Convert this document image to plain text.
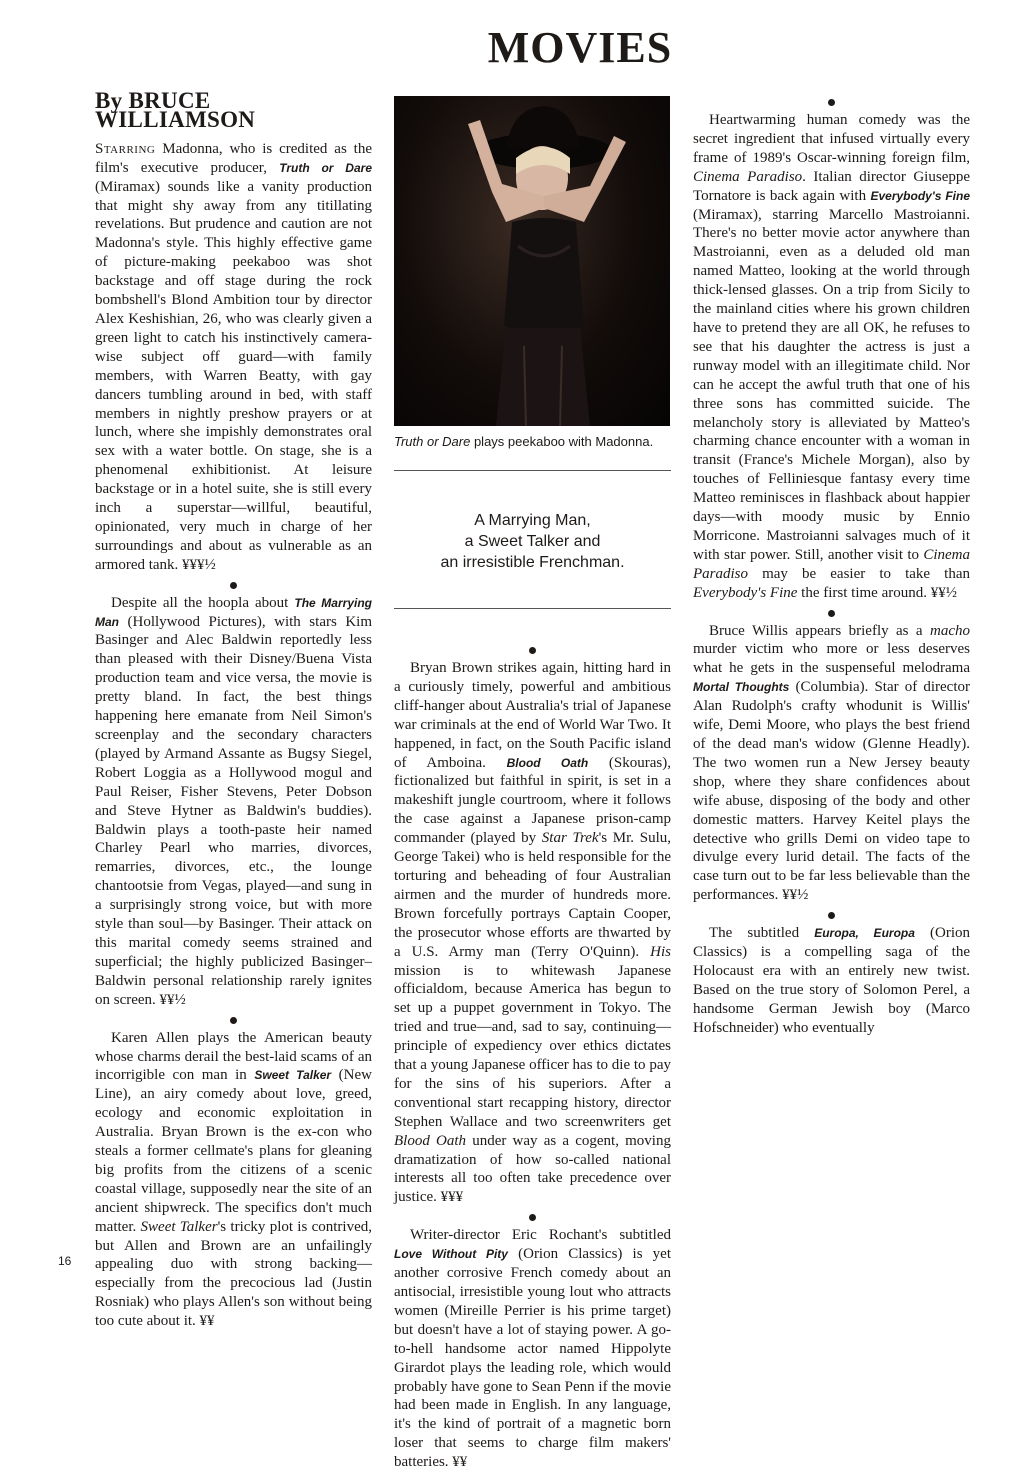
MOVIES
By BRUCE WILLIAMSON

Starring Madonna, who is credited as the film's executive producer, Truth or Dare (Miramax) sounds like a vanity production that might shy away from any titillating revelations. But prudence and caution are not Madonna's style. This highly effective game of picture-making peekaboo was shot backstage and off stage during the rock bombshell's Blond Ambition tour by director Alex Keshishian, 26, who was clearly given a green light to catch his instinctively camera-wise subject off guard—with family members, with Warren Beatty, with gay dancers tumbling around in bed, with staff members in nightly preshow prayers or at lunch, where she impishly demonstrates oral sex with a water bottle. On stage, she is a phenomenal exhibitionist. At leisure backstage or in a hotel suite, she is still every inch a superstar—willful, beautiful, opinionated, very much in charge of her surroundings and about as vulnerable as an armored tank. ¥¥¥½

Despite all the hoopla about The Marrying Man (Hollywood Pictures), with stars Kim Basinger and Alec Baldwin reportedly less than pleased with their Disney/Buena Vista production team and vice versa, the movie is pretty bland. In fact, the best things happening here emanate from Neil Simon's screenplay and the secondary characters (played by Armand Assante as Bugsy Siegel, Robert Loggia as a Hollywood mogul and Paul Reiser, Fisher Stevens, Peter Dobson and Steve Hytner as Baldwin's buddies). Baldwin plays a tooth-paste heir named Charley Pearl who marries, divorces, remarries, divorces, etc., the lounge chantootsie from Vegas, played—and sung in a surprisingly strong voice, but with more style than soul—by Basinger. Their attack on this marital comedy seems strained and superficial; the highly publicized Basinger–Baldwin personal relationship rarely ignites on screen. ¥¥½

Karen Allen plays the American beauty whose charms derail the best-laid scams of an incorrigible con man in Sweet Talker (New Line), an airy comedy about love, greed, ecology and economic exploitation in Australia. Bryan Brown is the ex-con who steals a former cellmate's plans for gleaning big profits from the citizens of a scenic coastal village, supposedly near the site of an ancient shipwreck. The specifics don't much matter. Sweet Talker's tricky plot is contrived, but Allen and Brown are an unfailingly appealing duo with strong backing—especially from the precocious lad (Justin Rosniak) who plays Allen's son without being too cute about it. ¥¥

Truth or Dare plays peekaboo with Madonna.

A Marrying Man,
a Sweet Talker and
an irresistible Frenchman.

Bryan Brown strikes again, hitting hard in a curiously timely, powerful and ambitious cliff-hanger about Australia's trial of Japanese war criminals at the end of World War Two. It happened, in fact, on the South Pacific island of Amboina. Blood Oath (Skouras), fictionalized but faithful in spirit, is set in a makeshift jungle courtroom, where it follows the case against a Japanese prison-camp commander (played by Star Trek's Mr. Sulu, George Takei) who is held responsible for the torturing and beheading of four Australian airmen and the murder of hundreds more. Brown forcefully portrays Captain Cooper, the prosecutor whose efforts are thwarted by a U.S. Army man (Terry O'Quinn). His mission is to whitewash Japanese officialdom, because America has begun to set up a puppet government in Tokyo. The tried and true—and, sad to say, continuing—principle of expediency over ethics dictates that a young Japanese officer has to die to pay for the sins of his superiors. After a conventional start recapping history, director Stephen Wallace and two screenwriters get Blood Oath under way as a cogent, moving dramatization of how so-called national interests all too often take precedence over justice. ¥¥¥

Writer-director Eric Rochant's subtitled Love Without Pity (Orion Classics) is yet another corrosive French comedy about an antisocial, irresistible young lout who attracts women (Mireille Perrier is his prime target) but doesn't have a lot of staying power. A go-to-hell handsome actor named Hippolyte Girardot plays the leading role, which would probably have gone to Sean Penn if the movie had been made in English. In any language, it's the kind of portrait of a magnetic born loser that seems to charge film makers' batteries. ¥¥

Heartwarming human comedy was the secret ingredient that infused virtually every frame of 1989's Oscar-winning foreign film, Cinema Paradiso. Italian director Giuseppe Tornatore is back again with Everybody's Fine (Miramax), starring Marcello Mastroianni. There's no better movie actor anywhere than Mastroianni, even as a deluded old man named Matteo, looking at the world through thick-lensed glasses. On a trip from Sicily to the mainland cities where his grown children have to pretend they are all OK, he refuses to see that his daughter the actress is just a runway model with an illegitimate child. Nor can he accept the awful truth that one of his three sons has committed suicide. The melancholy story is alleviated by Matteo's charming chance encounter with a woman in transit (France's Michele Morgan), also by touches of Felliniesque fantasy every time Matteo reminisces in flashback about happier days—with moody music by Ennio Morricone. Mastroianni salvages much of it with star power. Still, another visit to Cinema Paradiso may be easier to take than Everybody's Fine the first time around. ¥¥½

Bruce Willis appears briefly as a macho murder victim who more or less deserves what he gets in the suspenseful melodrama Mortal Thoughts (Columbia). Star of director Alan Rudolph's crafty whodunit is Willis' wife, Demi Moore, who plays the best friend of the dead man's widow (Glenne Headly). The two women run a New Jersey beauty shop, where they share confidences about wife abuse, disposing of the body and other domestic matters. Harvey Keitel plays the detective who grills Demi on video tape to divulge every lurid detail. The facts of the case turn out to be far less believable than the performances. ¥¥½

The subtitled Europa, Europa (Orion Classics) is a compelling saga of the Holocaust era with an entirely new twist. Based on the true story of Solomon Perel, a handsome German Jewish boy (Marco Hofschneider) who eventually

16
